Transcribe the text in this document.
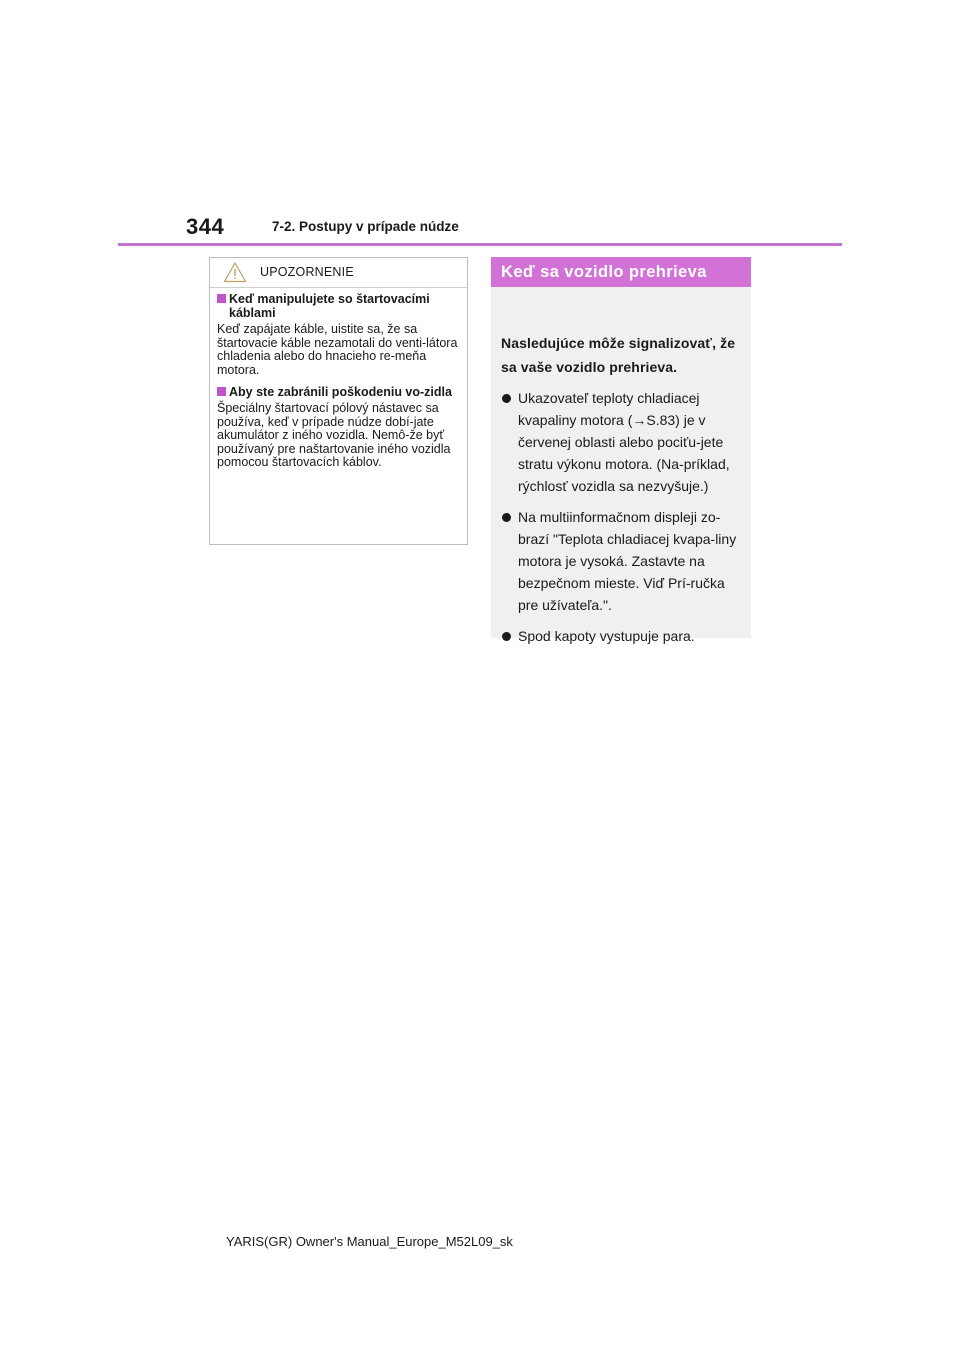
344	7-2. Postupy v prípade núdze
UPOZORNENIE

Keď manipulujete so štartovacími káblami

Keď zapájate káble, uistite sa, že sa štartovacie káble nezamotali do venti-látora chladenia alebo do hnacieho re-meňa motora.

Aby ste zabránili poškodeniu vo-zidla

Špeciálny štartovací pólový nástavec sa používa, keď v prípade núdze dobí-jate akumulátor z iného vozidla. Nemô-že byť používaný pre naštartovanie iného vozidla pomocou štartovacích káblov.

Keď sa vozidlo prehrieva

Nasledujúce môže signalizovať, že sa vaše vozidlo prehrieva.

Ukazovateľ teploty chladiacej kvapaliny motora (→S.83) je v červenej oblasti alebo pociťu-jete stratu výkonu motora. (Na-príklad, rýchlosť vozidla sa nezvyšuje.)
Na multiinformačnom displeji zo-brazí "Teplota chladiacej kvapa-liny motora je vysoká. Zastavte na bezpečnom mieste. Viď Prí-ručka pre užívateľa.".
Spod kapoty vystupuje para.

YARIS(GR) Owner's Manual_Europe_M52L09_sk
